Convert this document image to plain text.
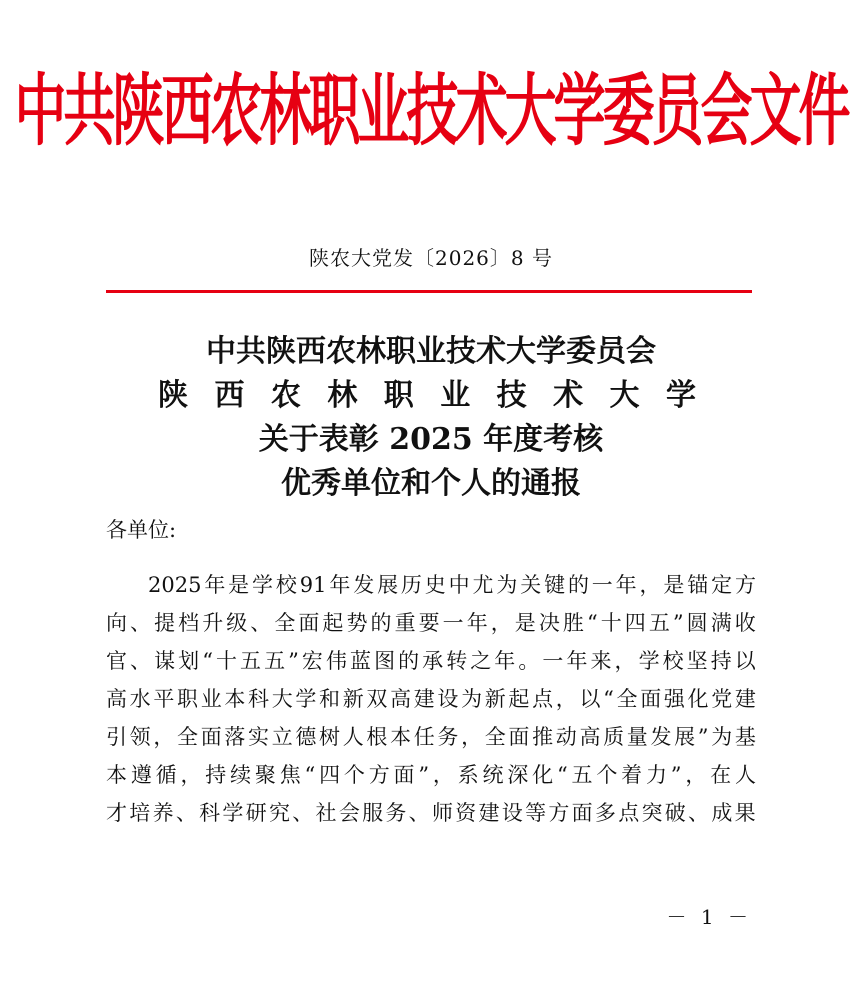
中共陕西农林职业技术大学委员会文件
陕农大党发〔2026〕8 号
中共陕西农林职业技术大学委员会
陕 西 农 林 职 业 技 术 大 学
关于表彰 2025 年度考核
优秀单位和个人的通报
各单位:
2025 年 是 学 校 91 年 发 展 历 史 中 尤 为 关 键 的 一 年 ， 是 锚 定 方
向 、 提 档 升 级 、 全 面 起 势 的 重 要 一 年 ， 是 决 胜 “ 十 四 五 ” 圆 满 收
官 、 谋 划 “ 十 五 五 ” 宏 伟 蓝 图 的 承 转 之 年 。 一 年 来 ， 学 校 坚 持 以
高 水 平 职 业 本 科 大 学 和 新 双 高 建 设 为 新 起 点 ， 以 “ 全 面 强 化 党 建
引 领 ， 全 面 落 实 立 德 树 人 根 本 任 务 ， 全 面 推 动 高 质 量 发 展 ” 为 基
本 遵 循 ， 持 续 聚 焦 “ 四 个 方 面 ” ， 系 统 深 化 “ 五 个 着 力 ” ， 在 人
才 培 养 、 科 学 研 究 、 社 会 服 务 、 师 资 建 设 等 方 面 多 点 突 破 、 成 果
－ 1 －
